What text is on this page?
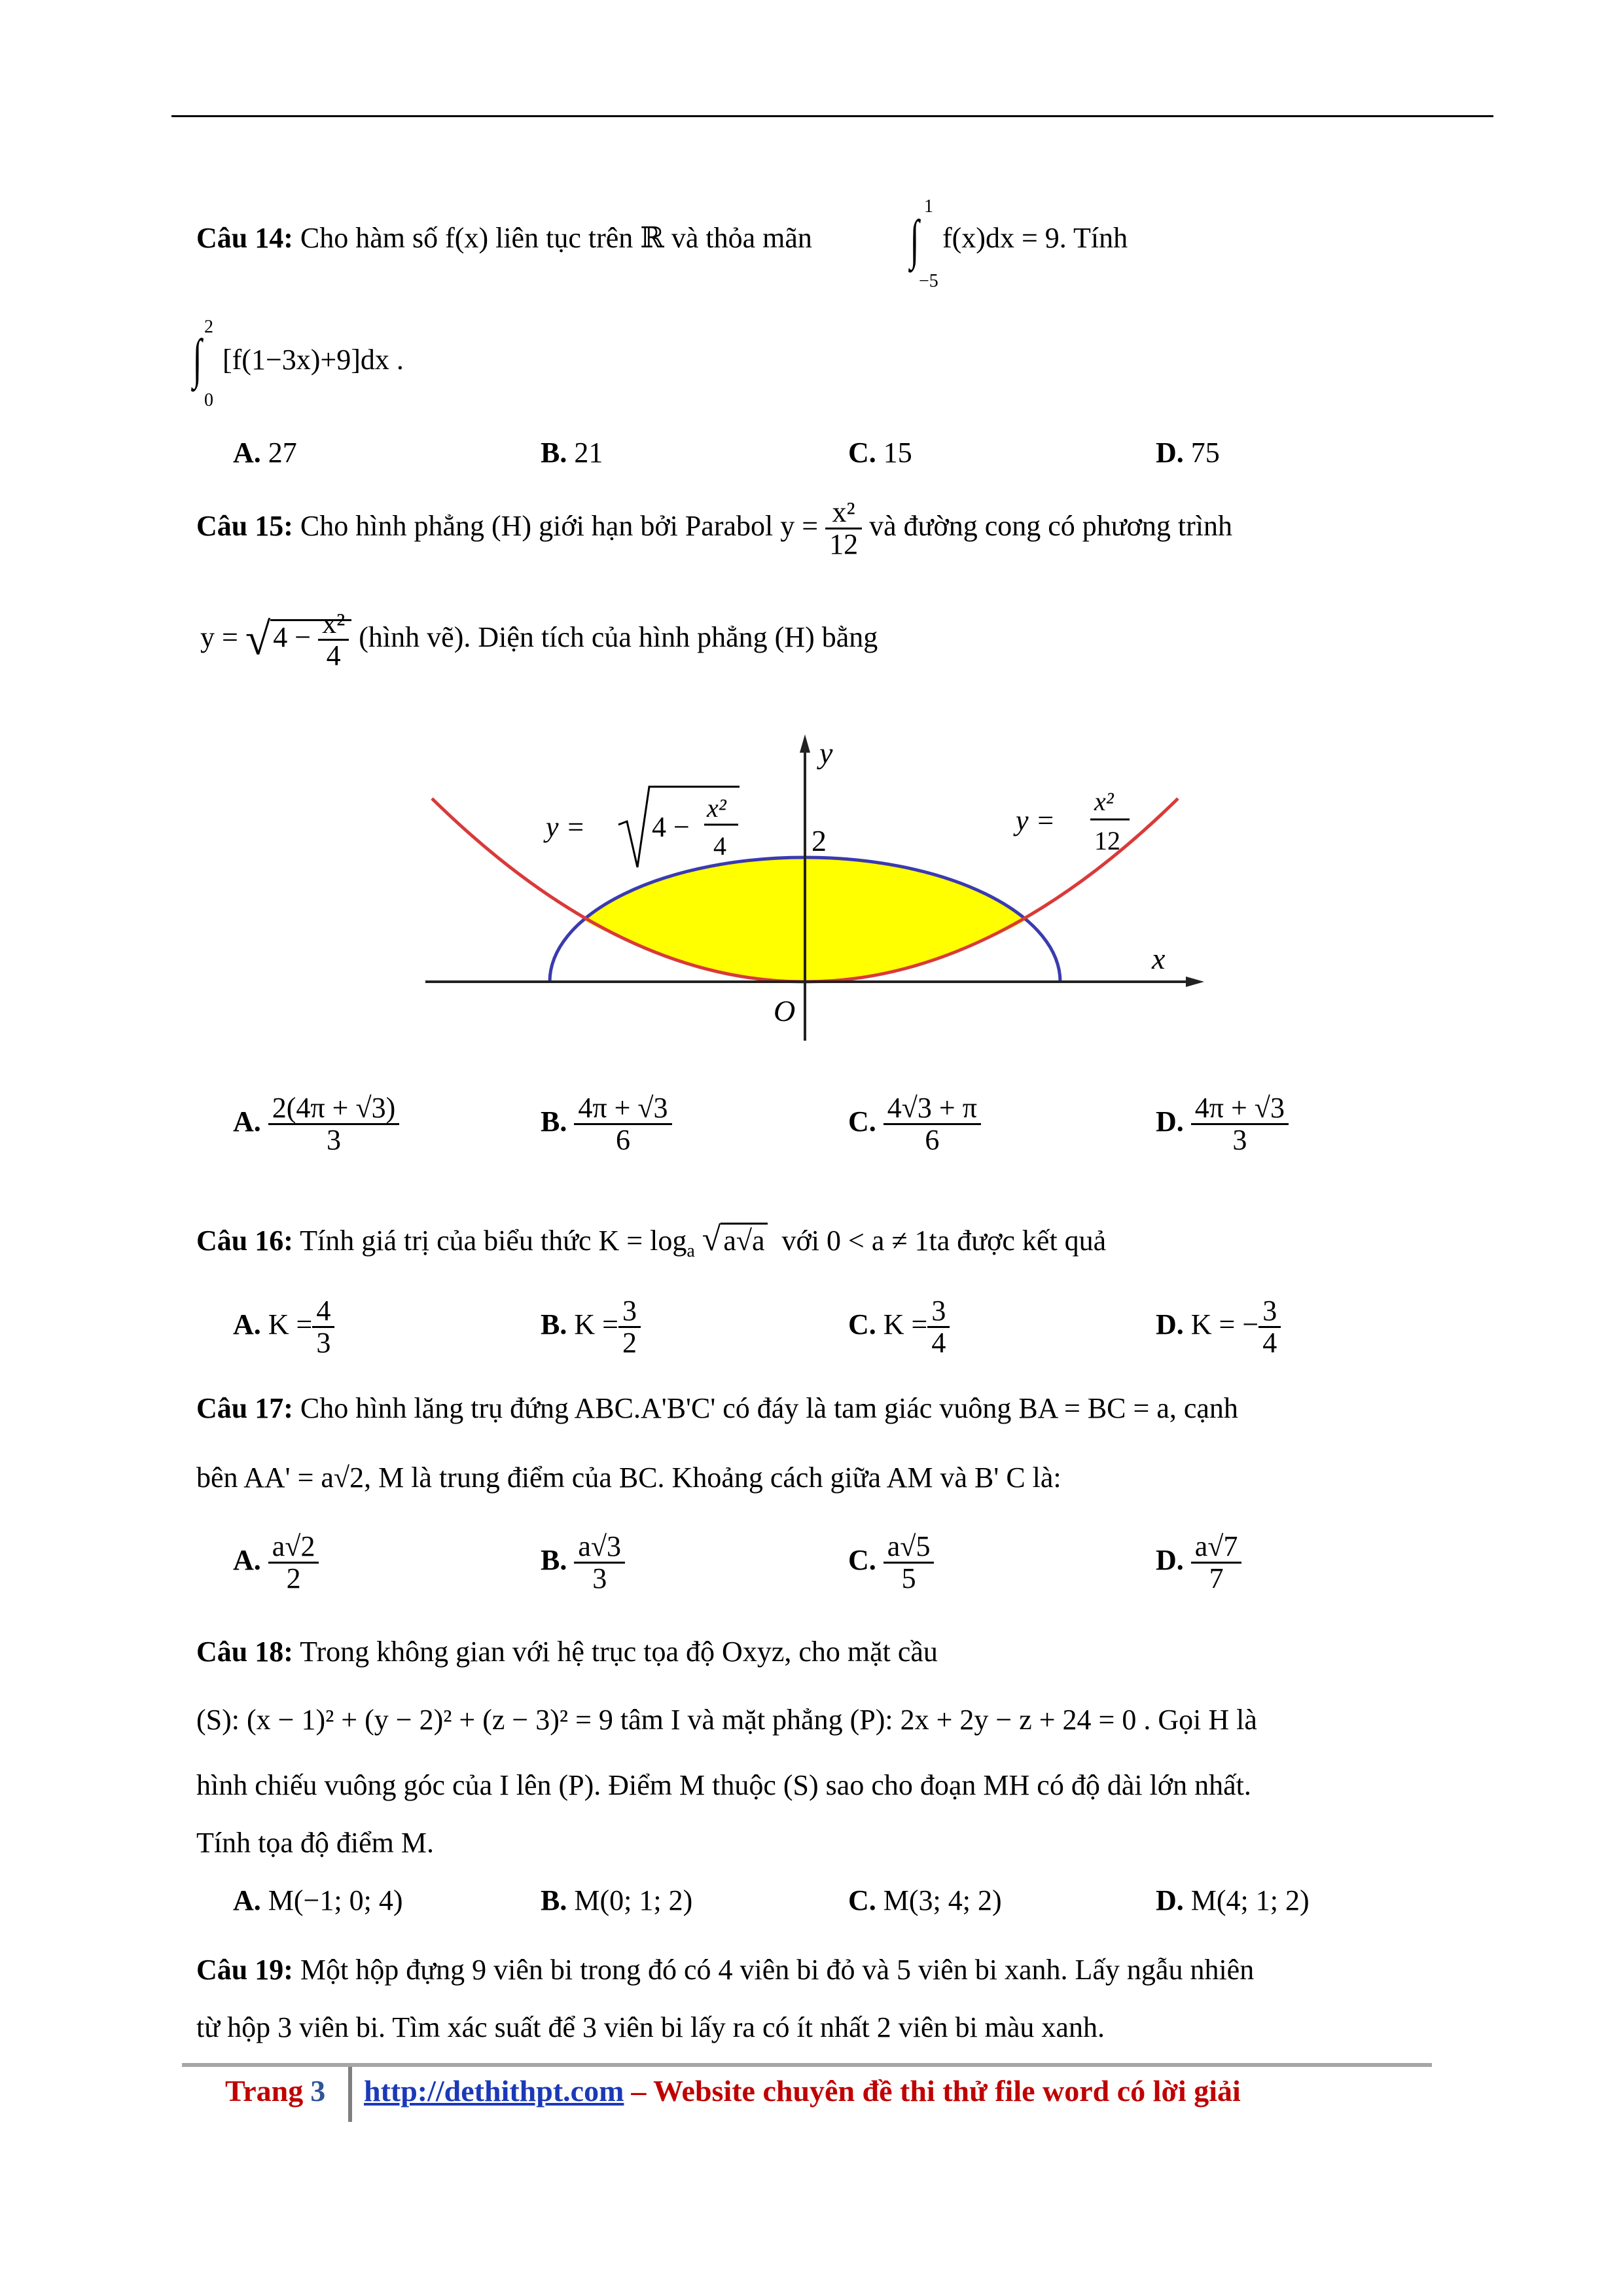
Câu 14: Cho hàm số f(x) liên tục trên ℝ và thỏa mãn
1
∫
−5
f(x)dx = 9. Tính
2
∫
0
[f(1−3x)+9]dx .
A. 27	B. 21	C. 15	D. 75
Câu 15: Cho hình phẳng (H) giới hạn bởi Parabol $y = \frac{\text{x²}}{12}$ và đường cong có phương trình
$y = √4 - \frac{\text{x²}}{4}$ (hình vẽ). Diện tích của hình phẳng (H) bằng
y
x
O
2
y = 4 −
x²
4
y =
x²
12
A. $\frac{2(4\pi + √3)}{3}$	B. $\frac{4\pi + √3}{6}$	C. $\frac{4√3 + \pi}{6}$	D. $\frac{4\pi + √3}{3}$
Câu 16: Tính giá trị của biểu thức $K = \log_a √a√a$ với 0 < a ≠ 1ta được kết quả
A. $K = \frac{4}{3}$	B. $K = \frac{3}{2}$	C. $K = \frac{3}{4}$	D. K = − $\frac{3}{4}$
Câu 17: Cho hình lăng trụ đứng ABC.A'B'C' có đáy là tam giác vuông BA = BC = a, cạnh
bên AA' = a√2, M là trung điểm của BC. Khoảng cách giữa AM và B' C là:
A. $\frac{a√2}{2}$	B. $\frac{a√3}{3}$	C. $\frac{a√5}{5}$	D. $\frac{a√7}{7}$
Câu 18: Trong không gian với hệ trục tọa độ Oxyz, cho mặt cầu
(S): (x − 1)² + (y − 2)² + (z − 3)² = 9 tâm I và mặt phẳng (P): 2x + 2y − z + 24 = 0 . Gọi H là
hình chiếu vuông góc của I lên (P). Điểm M thuộc (S) sao cho đoạn MH có độ dài lớn nhất.
Tính tọa độ điểm M.
A. M(−1; 0; 4)	B. M(0; 1; 2)	C. M(3; 4; 2)	D. M(4; 1; 2)
Câu 19: Một hộp đựng 9 viên bi trong đó có 4 viên bi đỏ và 5 viên bi xanh. Lấy ngẫu nhiên
từ hộp 3 viên bi. Tìm xác suất để 3 viên bi lấy ra có ít nhất 2 viên bi màu xanh.
Trang 3 http://dethithpt.com – Website chuyên đề thi thử file word có lời giải
